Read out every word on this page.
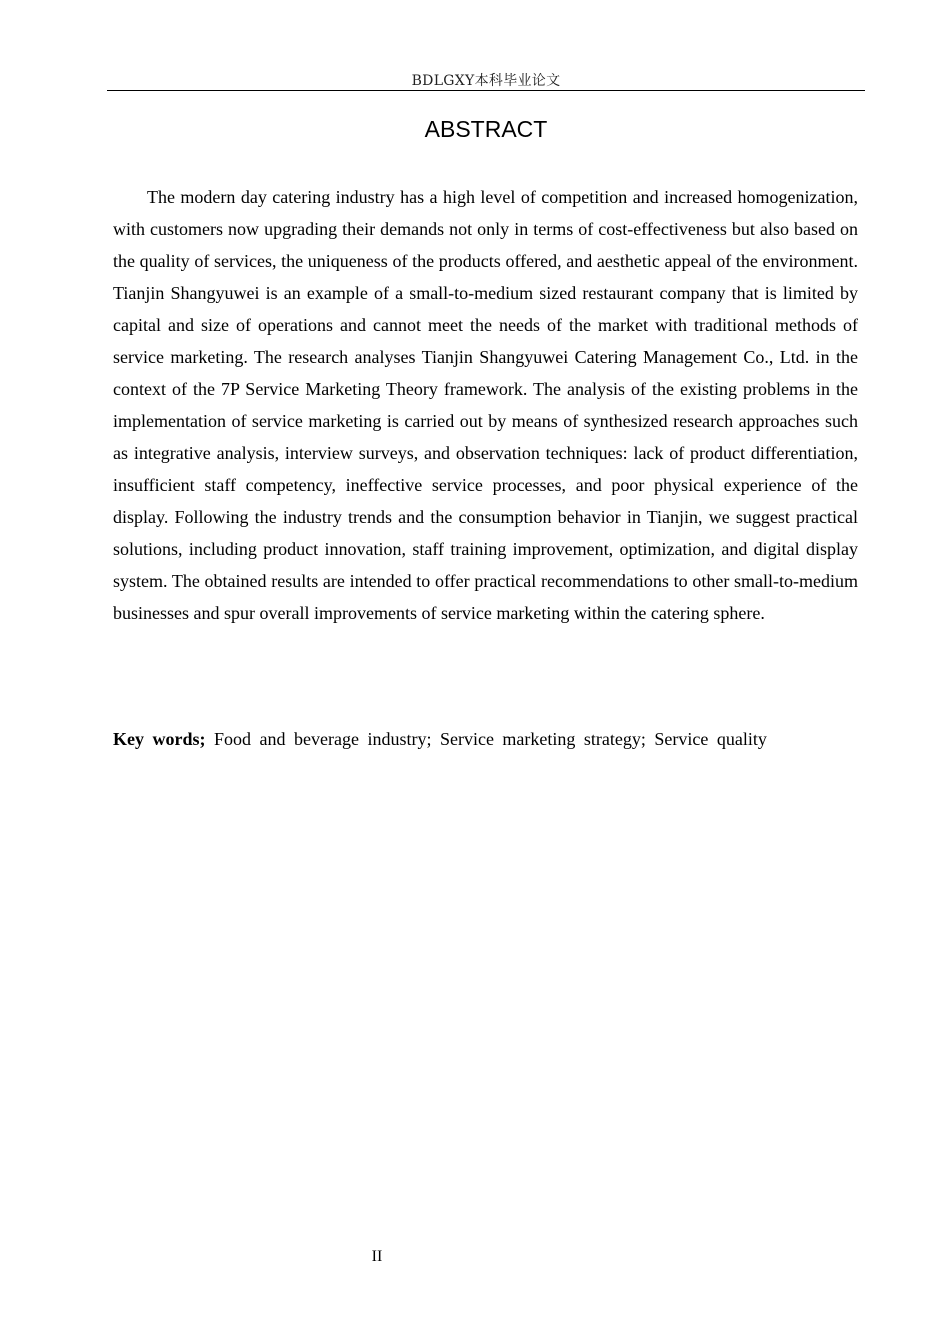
BDLGXY本科毕业论文
ABSTRACT

The modern day catering industry has a high level of competition and increased homogenization, with customers now upgrading their demands not only in terms of cost-effectiveness but also based on the quality of services, the uniqueness of the products offered, and aesthetic appeal of the environment. Tianjin Shangyuwei is an example of a small-to-medium sized restaurant company that is limited by capital and size of operations and cannot meet the needs of the market with traditional methods of service marketing. The research analyses Tianjin Shangyuwei Catering Management Co., Ltd. in the context of the 7P Service Marketing Theory framework. The analysis of the existing problems in the implementation of service marketing is carried out by means of synthesized research approaches such as integrative analysis, interview surveys, and observation techniques: lack of product differentiation, insufficient staff competency, ineffective service processes, and poor physical experience of the display. Following the industry trends and the consumption behavior in Tianjin, we suggest practical solutions, including product innovation, staff training improvement, optimization, and digital display system. The obtained results are intended to offer practical recommendations to other small-to-medium businesses and spur overall improvements of service marketing within the catering sphere.

Key words; Food and beverage industry; Service marketing strategy; Service quality

II
